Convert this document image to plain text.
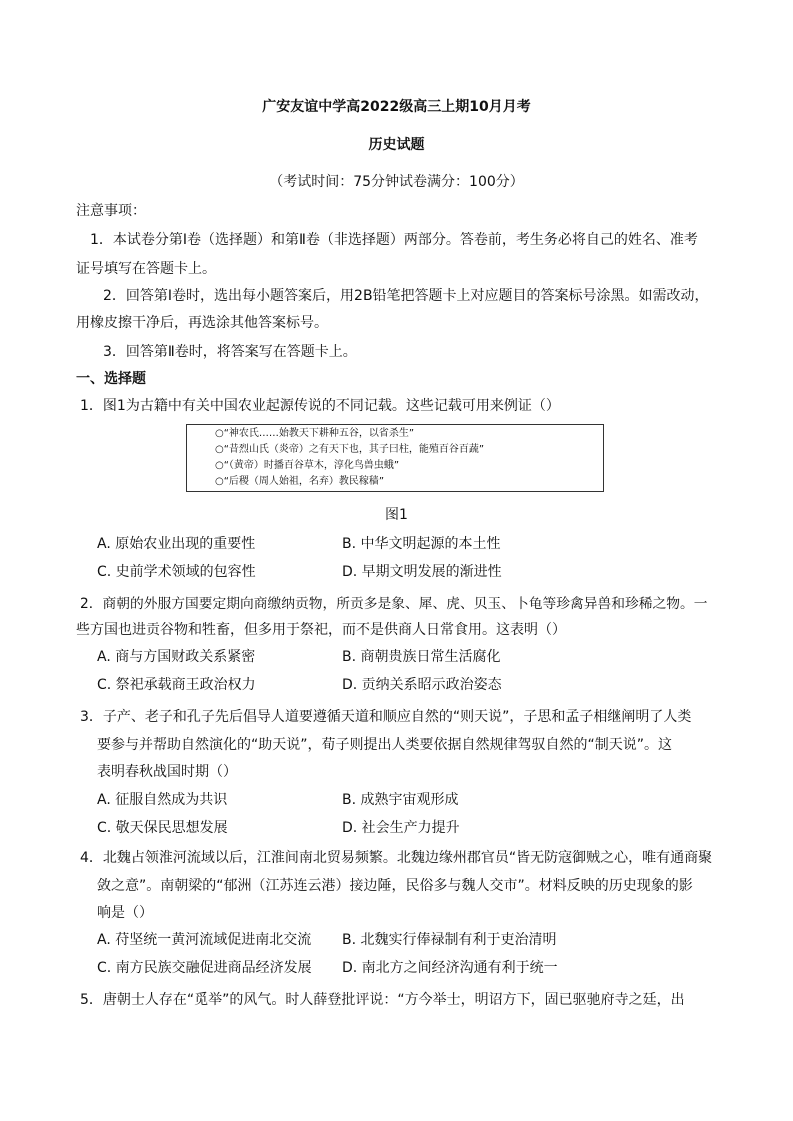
广安友谊中学高2022级高三上期10月月考
历史试题
（考试时间：75分钟试卷满分：100分）
注意事项：
1．本试卷分第Ⅰ卷（选择题）和第Ⅱ卷（非选择题）两部分。答卷前，考生务必将自己的姓名、准考
证号填写在答题卡上。
2．回答第Ⅰ卷时，选出每小题答案后，用2B铅笔把答题卡上对应题目的答案标号涂黑。如需改动，
用橡皮擦干净后，再选涂其他答案标号。
3．回答第Ⅱ卷时，将答案写在答题卡上。
一、选择题
1．图1为古籍中有关中国农业起源传说的不同记载。这些记载可用来例证（）
○“神农氏……始教天下耕种五谷，以省杀生”
○“昔烈山氏（炎帝）之有天下也，其子曰柱，能殖百谷百蔬”
○“（黄帝）时播百谷草木，淳化鸟兽虫蛾”
○“后稷（周人始祖，名弃）教民稼穑”
图1
A. 原始农业出现的重要性	B. 中华文明起源的本土性
C. 史前学术领域的包容性	D. 早期文明发展的渐进性
2．商朝的外服方国要定期向商缴纳贡物，所贡多是象、犀、虎、贝玉、卜龟等珍禽异兽和珍稀之物。一
些方国也进贡谷物和牲畜，但多用于祭祀，而不是供商人日常食用。这表明（）
A. 商与方国财政关系紧密	B. 商朝贵族日常生活腐化
C. 祭祀承载商王政治权力	D. 贡纳关系昭示政治姿态
3．子产、老子和孔子先后倡导人道要遵循天道和顺应自然的“则天说”，子思和孟子相继阐明了人类
要参与并帮助自然演化的“助天说”，荀子则提出人类要依据自然规律驾驭自然的“制天说”。这
表明春秋战国时期（）
A. 征服自然成为共识	B. 成熟宇宙观形成
C. 敬天保民思想发展	D. 社会生产力提升
4．北魏占领淮河流域以后，江淮间南北贸易频繁。北魏边缘州郡官员“皆无防寇御贼之心，唯有通商聚
敛之意”。南朝梁的“郁洲（江苏连云港）接边陲，民俗多与魏人交市”。材料反映的历史现象的影
响是（）
A. 苻坚统一黄河流域促进南北交流 B. 北魏实行俸禄制有利于吏治清明
C. 南方民族交融促进商品经济发展 D. 南北方之间经济沟通有利于统一
5．唐朝士人存在“觅举”的风气。时人薛登批评说：“方今举士，明诏方下，固已驱驰府寺之廷，出
